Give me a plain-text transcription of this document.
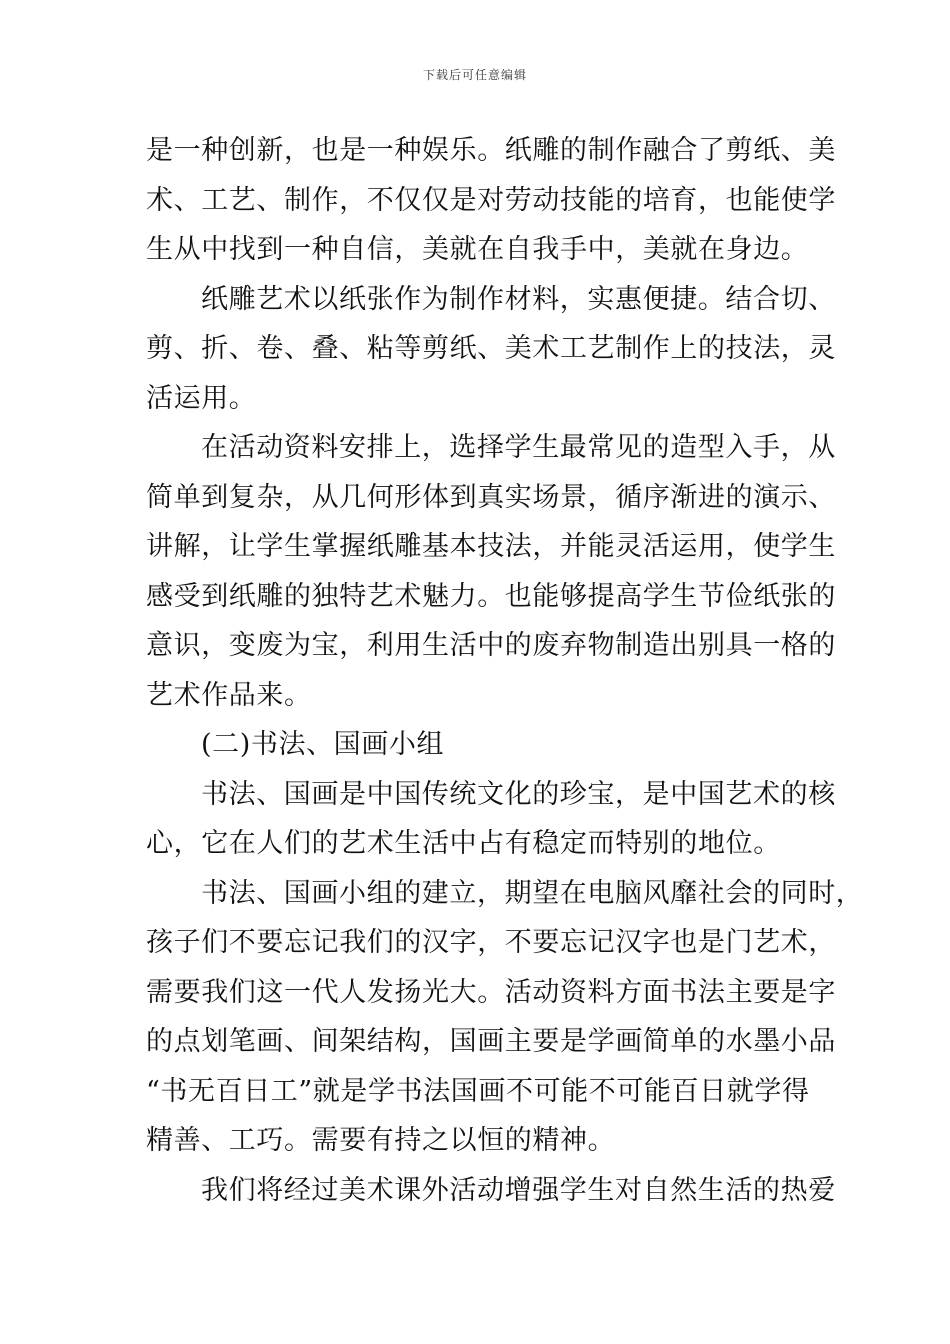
下载后可任意编辑
是一种创新，也是一种娱乐。纸雕的制作融合了剪纸、美
术、工艺、制作，不仅仅是对劳动技能的培育，也能使学
生从中找到一种自信，美就在自我手中，美就在身边。
纸雕艺术以纸张作为制作材料，实惠便捷。结合切、
剪、折、卷、叠、粘等剪纸、美术工艺制作上的技法，灵
活运用。
在活动资料安排上，选择学生最常见的造型入手，从
简单到复杂，从几何形体到真实场景，循序渐进的演示、
讲解，让学生掌握纸雕基本技法，并能灵活运用，使学生
感受到纸雕的独特艺术魅力。也能够提高学生节俭纸张的
意识，变废为宝，利用生活中的废弃物制造出别具一格的
艺术作品来。
(二)书法、国画小组
书法、国画是中国传统文化的珍宝，是中国艺术的核
心，它在人们的艺术生活中占有稳定而特别的地位。
书法、国画小组的建立，期望在电脑风靡社会的同时，
孩子们不要忘记我们的汉字，不要忘记汉字也是门艺术，
需要我们这一代人发扬光大。活动资料方面书法主要是字
的点划笔画、间架结构，国画主要是学画简单的水墨小品
“书无百日工”就是学书法国画不可能不可能百日就学得
精善、工巧。需要有持之以恒的精神。
我们将经过美术课外活动增强学生对自然生活的热爱
